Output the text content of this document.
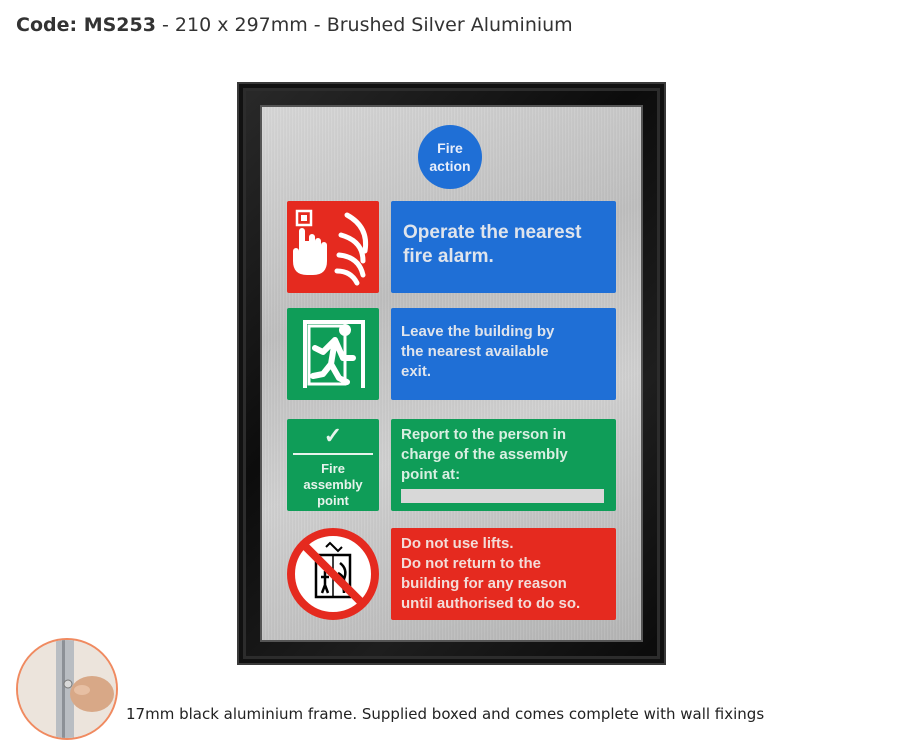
Code: MS253 - 210 x 297mm - Brushed Silver Aluminium
Fire
action
Operate the nearest
fire alarm.
Leave the building by
the nearest available
exit.
✓
Fire
assembly
point
Report to the person in
charge of the assembly
point at:
Do not use lifts.
Do not return to the
building for any reason
until authorised to do so.
17mm black aluminium frame. Supplied boxed and comes complete with wall fixings
